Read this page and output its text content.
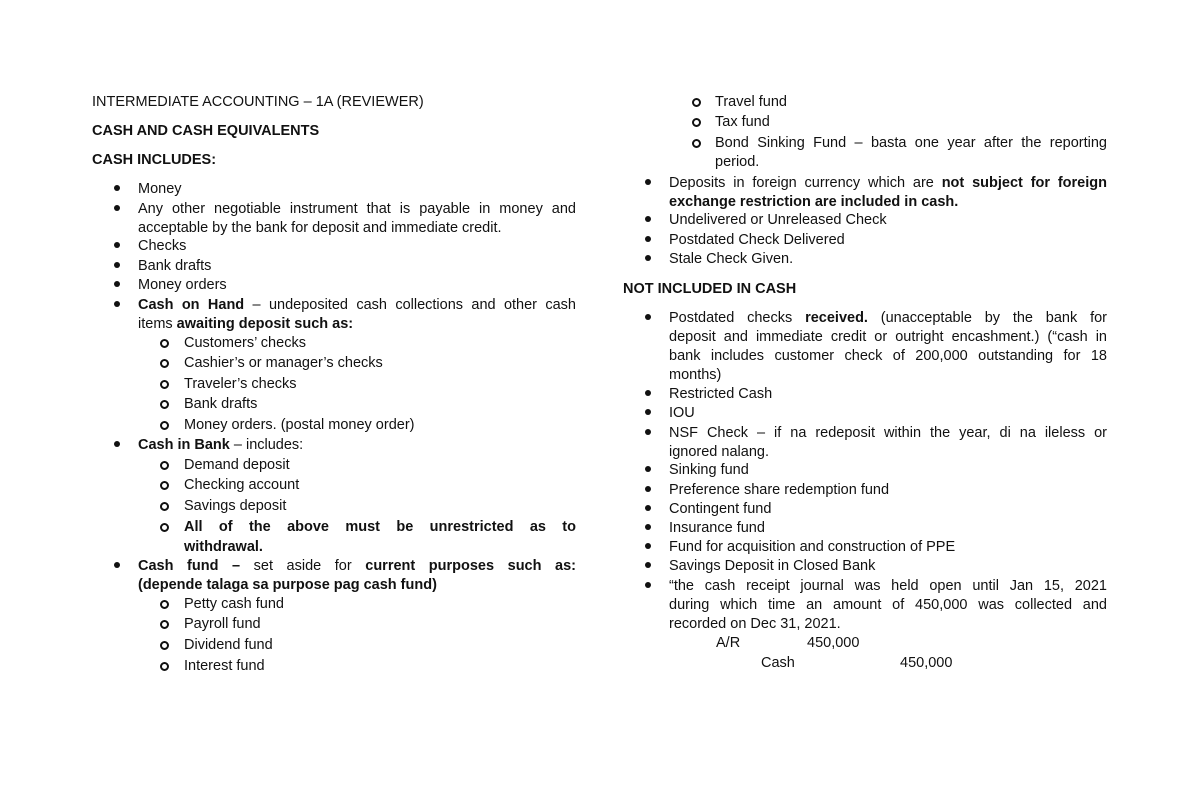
INTERMEDIATE ACCOUNTING – 1A (REVIEWER)
CASH AND CASH EQUIVALENTS
CASH INCLUDES:
Money
Any other negotiable instrument that is payable in money and
acceptable by the bank for deposit and immediate credit.
Checks
Bank drafts
Money orders
Cash on Hand – undeposited cash collections and other cash
items awaiting deposit such as:
Customers’ checks
Cashier’s or manager’s checks
Traveler’s checks
Bank drafts
Money orders. (postal money order)
Cash in Bank – includes:
Demand deposit
Checking account
Savings deposit
All of the above must be unrestricted as to
withdrawal.
Cash fund – set aside for current purposes such as:
(depende talaga sa purpose pag cash fund)
Petty cash fund
Payroll fund
Dividend fund
Interest fund
Travel fund
Tax fund
Bond Sinking Fund – basta one year after the reporting
period.
Deposits in foreign currency which are not subject for foreign
exchange restriction are included in cash.
Undelivered or Unreleased Check
Postdated Check Delivered
Stale Check Given.
NOT INCLUDED IN CASH
Postdated checks received. (unacceptable by the bank for
deposit and immediate credit or outright encashment.) (“cash in
bank includes customer check of 200,000 outstanding for 18
months)
Restricted Cash
IOU
NSF Check – if na redeposit within the year, di na ileless or
ignored nalang.
Sinking fund
Preference share redemption fund
Contingent fund
Insurance fund
Fund for acquisition and construction of PPE
Savings Deposit in Closed Bank
“the cash receipt journal was held open until Jan 15, 2021
during which time an amount of 450,000 was collected and
recorded on Dec 31, 2021.
A/R	450,000
Cash	450,000
